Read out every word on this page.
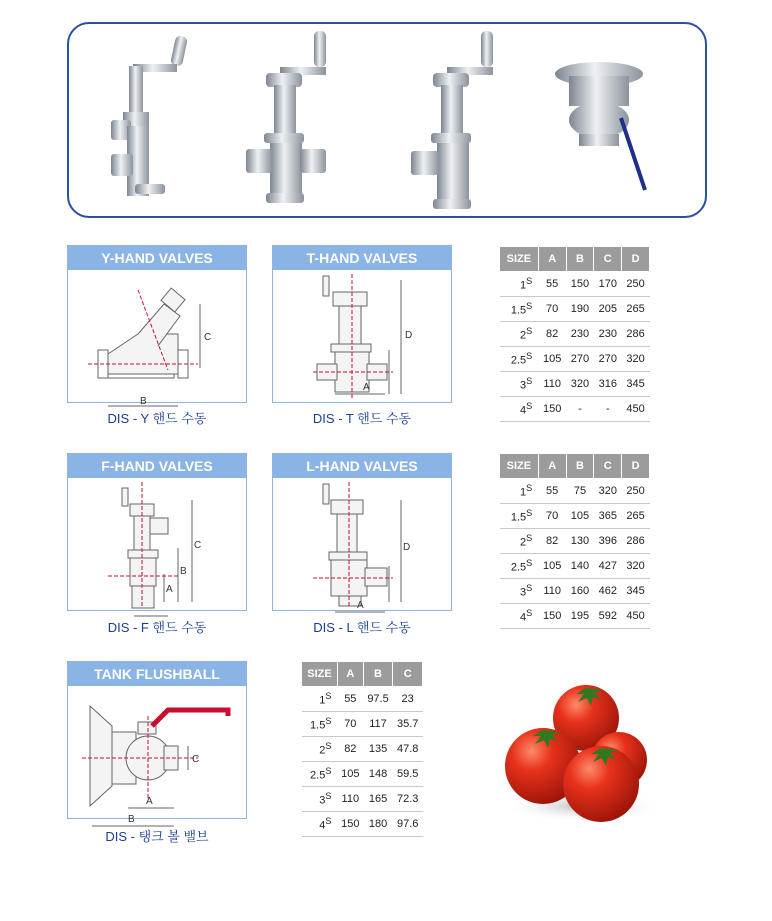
Y-HAND VALVES
C
B
DIS - Y 핸드 수동
T-HAND VALVES
D
A
DIS - T 핸드 수동
SIZE	A	B	C	D
$1^S$	55	150	170	250
$1.5^S$	70	190	205	265
$2^S$	82	230	230	286
$2.5^S$	105	270	270	320
$3^S$	110	320	316	345
$4^S$	150	-	-	450
F-HAND VALVES
C
B
A
DIS - F 핸드 수동
L-HAND VALVES
D
A
DIS - L 핸드 수동
SIZE	A	B	C	D
$1^S$	55	75	320	250
$1.5^S$	70	105	365	265
$2^S$	82	130	396	286
$2.5^S$	105	140	427	320
$3^S$	110	160	462	345
$4^S$	150	195	592	450
TANK FLUSHBALL VALVES
C
A
B
DIS - 탱크 볼 밸브
SIZE	A	B	C
$1^S$	55	97.5	23
$1.5^S$	70	117	35.7
$2^S$	82	135	47.8
$2.5^S$	105	148	59.5
$3^S$	110	165	72.3
$4^S$	150	180	97.6
